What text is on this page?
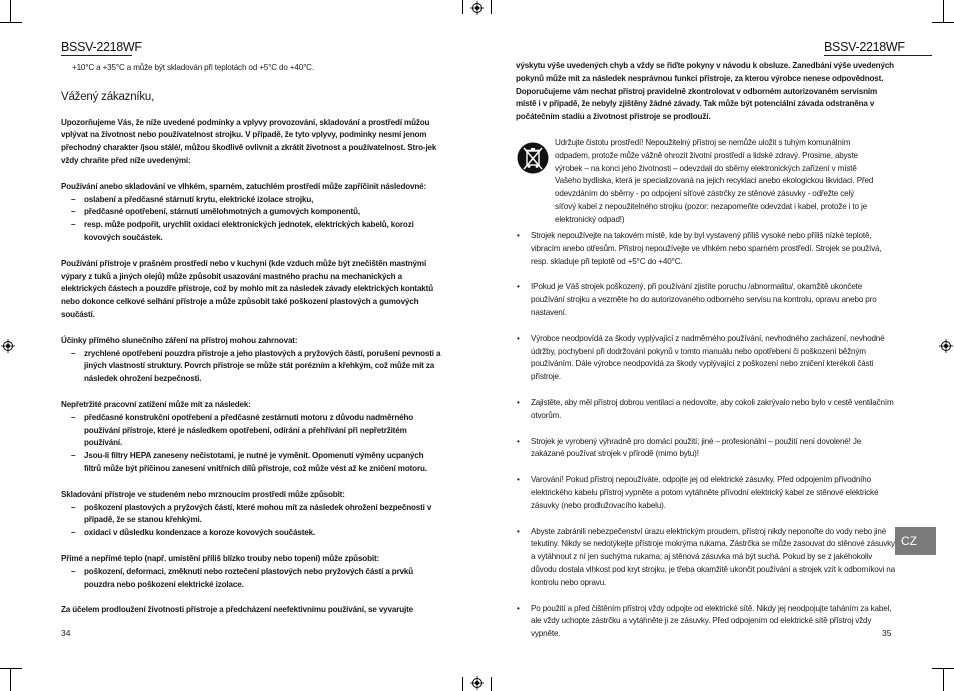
BSSV-2218WF
+10°C a +35°C a může být skladován při teplotách od +5°C do +40°C.
Vážený zákazníku,
Upozorňujeme Vás, že níže uvedené podmínky a vplyvy provozování, skladování a prostředí můžou vplývat na životnost nebo používatelnost strojku. V případě, že tyto vplyvy, podminky nesmí jenom přechodný charakter /jsou stálé/, můžou škodlivě ovlivnit a zkrátit životnost a používatelnost. Stro-jek vždy chraňte před níže uvedenými:
Používání anebo skladování ve vlhkém, sparném, zatuchlém prostředí může zapříčinit následovné:
– oslabení a předčasné stárnutí krytu, elektrické izolace strojku,
– předčasné opotřebení, stárnutí umělohmotných a gumových komponentů,
– resp. může podpořit, urychlit oxidaci elektronických jednotek, elektrických kabelů, korozi kovových součástek.
Používání přístroje v prašném prostředí nebo v kuchyni (kde vzduch může být znečištěn mastnými výpary z tuků a jiných olejů) může způsobit usazování mastného prachu na mechanických a elektrických částech a pouzdře přístroje, což by mohlo mít za následek závady elektrických kontaktů nebo dokonce celkové selhání přístroje a může způsobit také poškození plastových a gumových součástí.
Účinky přímého slunečního záření na přístroj mohou zahrnovat:
– zrychlené opotřebení pouzdra přístroje a jeho plastových a pryžových částí, porušení pevnosti a jiných vlastností struktury. Povrch přístroje se může stát porézním a křehkým, což může mít za následek ohrožení bezpečnosti.
Nepřetržité pracovní zatížení může mít za následek:
– předčasné konstrukční opotřebení a předčasné zestárnutí motoru z důvodu nadměrného používání přístroje, které je následkem opotřebení, odírání a přehřívání při nepřetržitém používání.
– Jsou-li filtry HEPA zaneseny nečistotami, je nutné je vyměnit. Opomenutí výměny ucpaných filtrů může být příčinou zanesení vnitřních dílů přístroje, což může vést až ke zničení motoru.
Skladování přístroje ve studeném nebo mrznoucím prostředí může způsobit:
– poškození plastových a pryžových částí, které mohou mít za následek ohrožení bezpečnosti v případě, že se stanou křehkými.
– oxidaci v důsledku kondenzace a koroze kovových součástek.
Přímé a nepřímé teplo (např. umístění příliš blízko trouby nebo topení) může způsobit:
– poškození, deformaci, změknutí nebo roztečení plastových nebo pryžových částí a prvků pouzdra nebo poškození elektrické izolace.
Za účelem prodloužení životnosti přístroje a předcházení neefektivnímu používání, se vyvarujte
34
BSSV-2218WF
výskytu výše uvedených chyb a vždy se řiďte pokyny v návodu k obsluze. Zanedbání výše uvedených pokynů může mít za následek nesprávnou funkci přístroje, za kterou výrobce nenese odpovědnost. Doporučujeme vám nechat přístroj pravidelně zkontrolovat v odborném autorizovaném servisním místě i v případě, že nebyly zjištěny žádné závady. Tak může být potenciální závada odstraněna v počátečním stadiu a životnost přístroje se prodlouží.
Udržujte čistotu prostředí! Nepoužitelný přístroj se nemůže uložit s tuhým komunálním odpadem, protože může vážně ohrozit životní prostředí a lidské zdravý. Prosime, abyste výrobek – na konci jeho životnosti – odevzdali do sběrny elektronických zařízení v místě Vašeho bydliska, která je specializovaná na jejich recyklaci anebo ekologickou likvidaci. Před odevzdáním do sběrny - po odpojení síťové zástrčky ze stěnové zásuvky - odřežte celý síťový kabel z nepoužitelného strojku (pozor: nezapomeňte odevzdat i kabel, protože i to je elektronický odpad!)
• Strojek nepoužívejte na takovém místě, kde by byl vystavený příliš vysoké nebo příliš nízké teplotě, vibracím anebo otřesům. Přístroj nepoužívejte ve vlhkém nebo sparném prostředí. Strojek se používá, resp. skladuje při teplotě od +5°C do +40°C.
• IPokud je Váš strojek poškozený, při používání zjistíte poruchu /abnormalitu/, okamžitě ukončete používání strojku a vezměte ho do autorizovaného odborného servisu na kontrolu, opravu anebo pro nastavení.
• Výrobce neodpovídá za škody vyplývající z nadměrného používání, nevhodného zacházení, nevhodné údržby, pochybení při dodržování pokynů v tomto manuálu nebo opotřebení či poškození běžným používáním. Dále výrobce neodpovídá za škody vyplývající z poškození nebo zničení kterékoli části přístroje.
• Zajistěte, aby měl přístroj dobrou ventilaci a nedovolte, aby cokoli zakrývalo nebo bylo v cestě ventilačním otvorům.
• Strojek je vyrobený výhradně pro domácí použití; jiné – profesionální – použití není dovolené! Je zakázané používat strojek v přírodě (mimo bytu)!
• Varování! Pokud přístroj nepoužíváte, odpojte jej od elektrické zásuvky. Před odpojením přívodního elektrického kabelu přístroj vypněte a potom vytáhněte přívodní elektrický kabel ze stěnové elektrické zásuvky (nebo prodlužovacího kabelu).
• Abyste zabránili nebezpečenství úrazu elektrickým proudem, přístroj nikdy neponořte do vody nebo jiné tekutiny. Nikdy se nedotýkejte přístroje mokrýma rukama. Zástrčka se může zasouvat do stěnové zásuvky a vytáhnout z ní jen suchýma rukama; aj stěnová zásuvka má být suchá. Pokud by se z jakéhokoliv důvodu dostala vlhkost pod kryt strojku, je třeba okamžitě ukončit používání a strojek vzít k odborníkovi na kontrolu nebo opravu.
• Po použití a před čištěním přístroj vždy odpojte od elektrické sítě. Nikdy jej neodpojujte taháním za kabel, ale vždy uchopte zástrčku a vytáhněte ji ze zásuvky. Před odpojením od elektrické sítě přístroj vždy vypněte.
CZ
35
